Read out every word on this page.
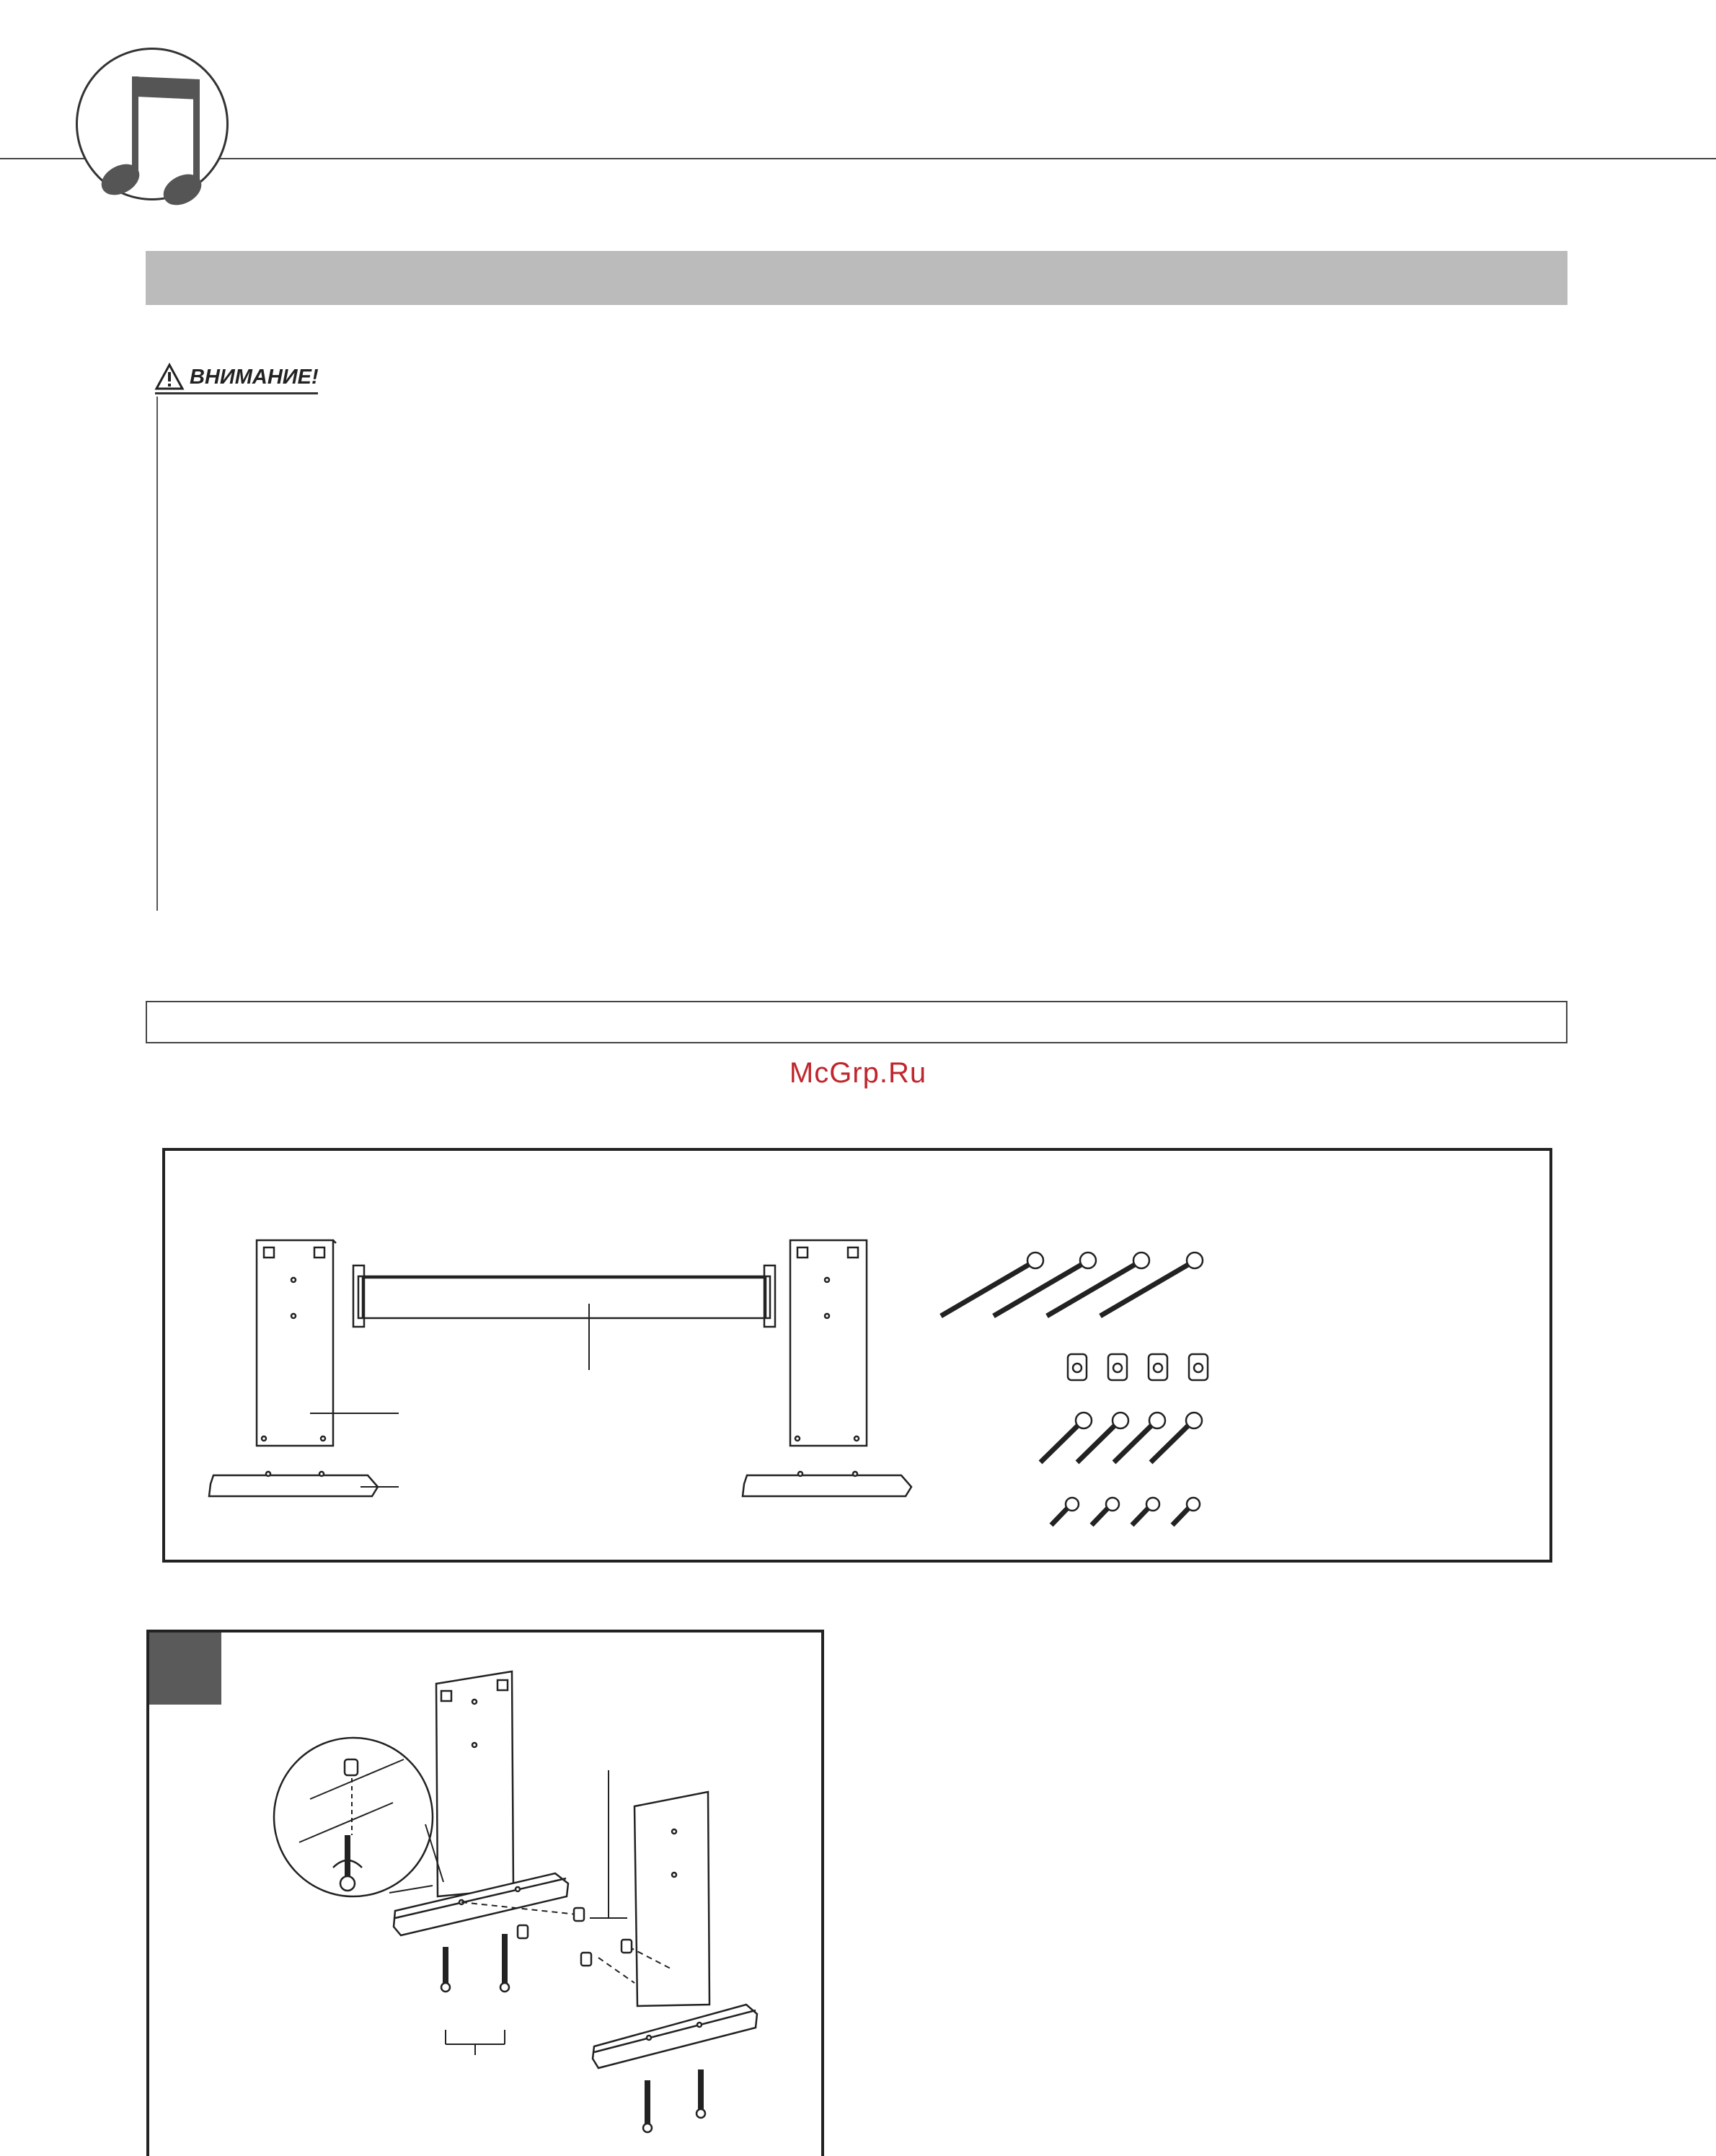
ВНИМАНИЕ!
McGrp.Ru
